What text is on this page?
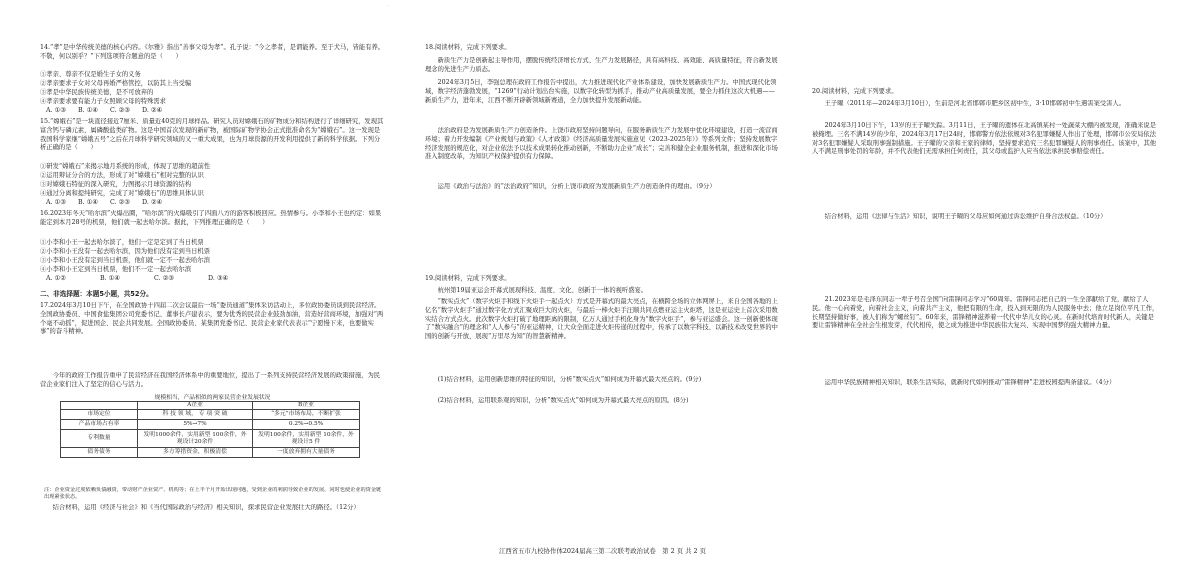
·
14.“孝”是中华传统美德的核心内容。《尔雅》指出“善事父母为孝”。孔子说：“今之孝者，是谓能养。至于犬马，皆能有养。不敬，何以别乎？”下列选项符合题意的是（　　）
①孝亲、尊亲不仅是婚生子女的义务
②孝亲要求子女对父母再婚严格管控，以防其上当受骗
③孝是中华民族传统美德，是不可放弃的
④孝亲要求要有能力子女照顾父母的特殊需求
A. ①③ B. ①④ C. ②③ D. ②④
15.“嫦娥石”是一块直径接近7厘米、质量近40克的月球样品。研究人员对嫦娥石的矿物成分和结构进行了详细研究，发现其富含钙与磷元素，属磷酸盐类矿物。这是中国首次发现的新矿物，被国际矿物学协会正式批准命名为“嫦娥石”。这一发现是我国科学家继“嫦娥五号”之后在月球科学研究领域的又一重大成果，也为月球资源的开发利用提供了新的科学依据。下列分析正确的是（　　）
①研发“嫦娥石”来揭示地月系统的形成，体现了思维的超前性
②运用辩证分合的方法，形成了对“嫦娥石”相对完整的认识
③对嫦娥石特征的深入研究，力图揭示月球资源的结构
④通过分离和提纯研究，完成了对“嫦娥石”的思维具体认识
A. ①③ B. ①④ C. ②③ D. ②④
16.2023年冬天“哈尔滨”火爆出圈，“哈尔滨”的火爆吸引了四面八方的游客积极回应。热情参与。小李和小王也约定：如果能定到本月28号的机票，他们就一起去哈尔滨。据此，下列推理正确的是（　　）
①小李和小王一起去哈尔滨了，他们一定是定到了当日机票
②小李和小王没有一起去哈尔滨，因为他们没有定到当日机票
③小李和小王没有定到当日机票，他们就一定不一起去哈尔滨
④小李和小王定到当日机票，他们不一定一起去哈尔滨
A. ①②	B. ①④	C. ②③	D. ③④
二、非选择题：本题5小题，共52分。
17.2024年3月10日下午，在全国政协十四届二次会议最后一场“委员通道”集体采访活动上，多位政协委员谈到民营经济。全国政协委员、中国食盐集团公司党委书记、董事长卢建表示，要为优秀的民营企业鼓劲加油，营造好营商环境，加强对“两个毫不动摇”，促进国企、民企共同发展。全国政协委员、某集团党委书记、民营企业家代表表示“宁愿慢下来，也要做实事”的奋斗精神。
今年的政府工作报告重申了民营经济在我国经济体系中的重要地位，提出了一系列支持民营经济发展的政策措施，为民营企业家们注入了坚定的信心与活力。
规模相当，产品相似的两家民营企业发展状况
	A企业	B企业
市场定位	科 技 领 域， 专 项 突 破	“多元”市场布局，不断扩张
产品市场占有率	5%→7%	0.2%→0.5%
专利数量	发明1000余件，实用新型 100余件，外观设计20余件	发明100余件，实用新型 10余件，外观设计5 件
债务债务	多方筹措资金，积极清偿	一度放弃拥有大量债务
注：企业资金过度依赖负债融资，带动财产企业资产、机构等；在上半个月开始出现问题，受到企业的利润导致企业的发展，同时也使企业的资金链出现紧张状态。
结合材料，运用《经济与社会》和《当代国际政治与经济》相关知识，探求民营企业发展壮大的路径。（12分）
18.阅读材料，完成下列要求。
新质生产力是创新起主导作用，摆脱传统经济增长方式、生产力发展路径，具有高科技、高效能、高质量特征，符合新发展理念的先进生产力质态。
2024年3月5日，李强总理在政府工作报告中提出，大力推进现代化产业体系建设，加快发展新质生产力。中国式现代化领域，数字经济蓬勃发展，“1269”行动计划出台实施，以数字化转型为抓手，推动产业高质量发展，要全力抓住这次大机遇——新质生产力，进年来，江西不断开辟新领域新赛道，全力加快提升发展新动能。
法治政府是为发展新质生产力创造条件。上饶市政府坚持问题导向，在服务新质生产力发展中优化环境建设，打造一流营商环境；着力开发编制《产业规划与政策》《人才政策》《经济高质量发展实施意见（2023-2025年）》等系列文件；坚持发展数字经济发展的规范化，对企业依法予以技术成果转化推动创新，不断助力企业“成长”；完善和健全企业服务机制，推进和深化市场准入制度改革，为知识产权保护提供有力保障。
运用《政治与法治》的“法治政府”知识，分析上饶市政府为发展新质生产力创造条件的理由。（9分）
19.阅读材料，完成下列要求。
杭州第19届亚运会开幕式展现科技、温度、文化、创新于一体的视听盛宴。
“数实点火”（数字火炬手和线下火炬手一起点火）方式是开幕式的最大亮点，在横跨全场的立体网屏上，来自全国各地的上亿名“数字火炬手”通过数字化方式汇聚成巨大的火炬，与最后一棒火炬手汪顺共同点燃亚运主火炬塔，这是亚运史上首次采用数实结合方式点火。此次数字火炬打破了地理距离的限制，亿万人通过手机化身为“数字火炬手”，参与亚运盛会。这一创新使体现了“数实融合”的理念和“人人参与”的亚运精神，让大众全面走进火炬传递的过程中，传承了以数字科技、以新技术改变世界的中国的创新与开放，展现“万里尽为知”的智慧新精神。
(1)结合材料，运用创新思维的特征的知识，分析“数实点火”如何成为开幕式最大亮点的。(9分)
(2)结合材料，运用联系观的知识，分析“数实点火”如何成为开幕式最大亮点的原因。(8分)
江西省五市九校协作体2024届高三第二次联考政治试卷　第 2 页 共 2 页
20.阅读材料，完成下列要求。
王子曜（2011年—2024年3月10日），生前是河北省邯郸市肥乡区初中生，3·10邯郸初中生遇害案受害人。
2024年3月10日下午，13岁的王子曜失踪。3月11日，王子曜的遗体在北高镇某村一处蔬菜大棚内被发现，准确来说是被掩埋。三名不满14岁的少年，2024年3月17日24时，邯郸警方依法依规对3名犯罪嫌疑人作出了处理，邯郸市公安局依法对3名犯罪嫌疑人采取刑事强制措施。王子曜的父亲和王家的律师，坚持要求追究三名犯罪嫌疑人的刑事责任。该案中，其他人不满足刑事处罚的年龄，并不代表他们无需承担任何责任，其父母或监护人应当依法承担民事赔偿责任。
结合材料，运用《法律与生活》知识，说明王子曜的父母应如何通过诉讼维护自身合法权益。（10分）
21.2023年是毛泽东同志一辈子号召全国“向雷锋同志学习”60周年。雷锋同志把自己的一生全部献给了党，献给了人民。他一心向着党，向着社会主义，向着共产主义，他把有限的生命，投入到无限的为人民服务中去；他立足岗位平凡工作，长期坚持做好事，被人们称为“螺丝钉”。60年来，雷锋精神滋养着一代代中华儿女的心灵。在新时代培育时代新人，关键是要让雷锋精神在全社会生根发芽，代代相传，使之成为推进中华民族伟大复兴、实现中国梦的强大精神力量。
运用中华民族精神相关知识，联系生活实际，就新时代如何推动“雷锋精神”走进校园提两条建议。（4分）
